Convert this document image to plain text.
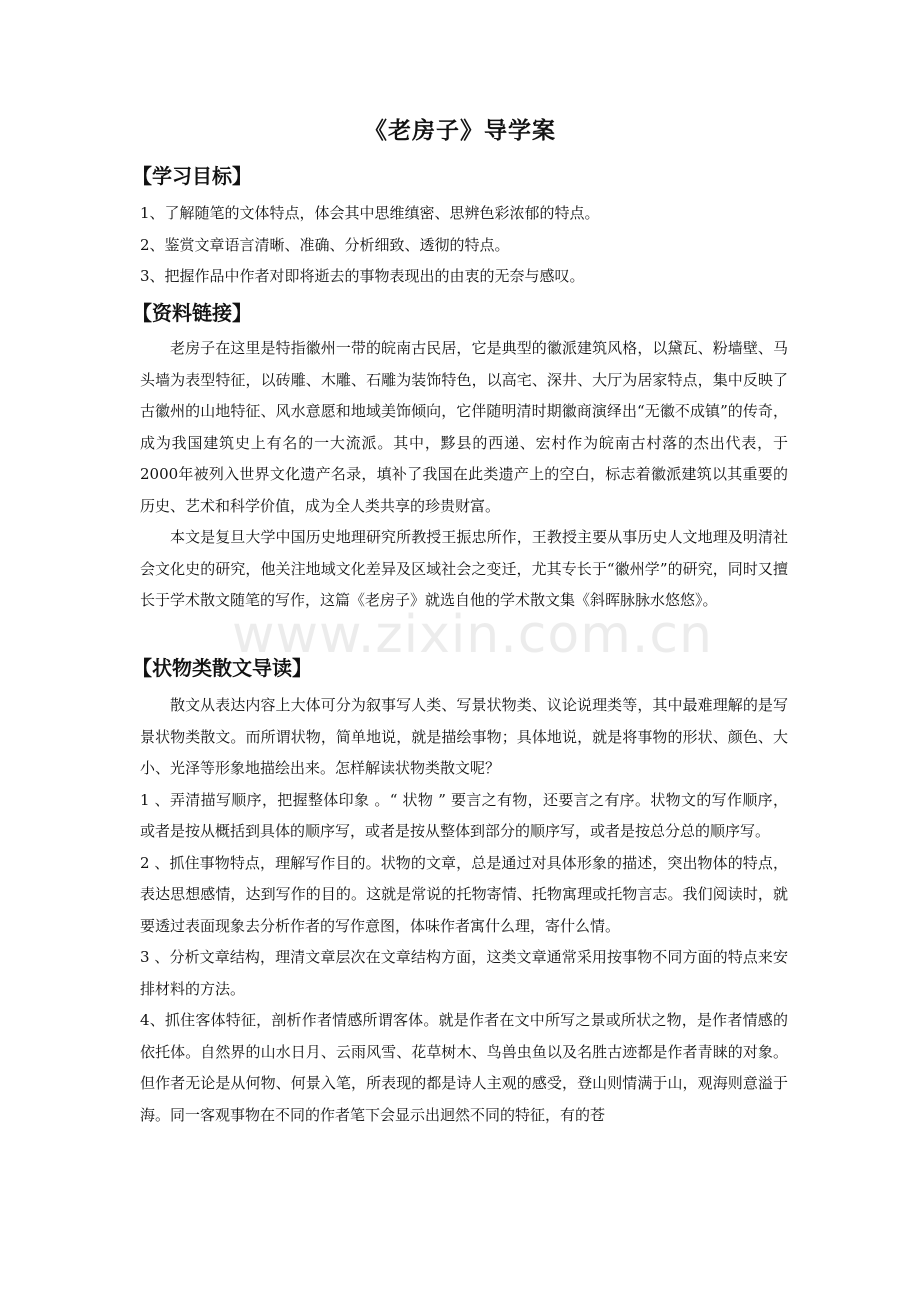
《老房子》导学案
【学习目标】

1、了解随笔的文体特点，体会其中思维缜密、思辨色彩浓郁的特点。

2、鉴赏文章语言清晰、准确、分析细致、透彻的特点。

3、把握作品中作者对即将逝去的事物表现出的由衷的无奈与感叹。

【资料链接】

老房子在这里是特指徽州一带的皖南古民居，它是典型的徽派建筑风格，以黛瓦、粉墙壁、马头墙为表型特征，以砖雕、木雕、石雕为装饰特色，以高宅、深井、大厅为居家特点，集中反映了古徽州的山地特征、风水意愿和地域美饰倾向，它伴随明清时期徽商演绎出“无徽不成镇”的传奇，成为我国建筑史上有名的一大流派。其中，黟县的西递、宏村作为皖南古村落的杰出代表，于2000年被列入世界文化遗产名录，填补了我国在此类遗产上的空白，标志着徽派建筑以其重要的历史、艺术和科学价值，成为全人类共享的珍贵财富。

本文是复旦大学中国历史地理研究所教授王振忠所作，王教授主要从事历史人文地理及明清社会文化史的研究，他关注地域文化差异及区域社会之变迁，尤其专长于“徽州学”的研究，同时又擅长于学术散文随笔的写作，这篇《老房子》就选自他的学术散文集《斜晖脉脉水悠悠》。

【状物类散文导读】

散文从表达内容上大体可分为叙事写人类、写景状物类、议论说理类等，其中最难理解的是写景状物类散文。而所谓状物，简单地说，就是描绘事物；具体地说，就是将事物的形状、颜色、大小、光泽等形象地描绘出来。怎样解读状物类散文呢？

1 、弄清描写顺序，把握整体印象 。“ 状物 ” 要言之有物，还要言之有序。状物文的写作顺序，或者是按从概括到具体的顺序写，或者是按从整体到部分的顺序写，或者是按总分总的顺序写。

2 、抓住事物特点，理解写作目的。状物的文章，总是通过对具体形象的描述，突出物体的特点，表达思想感情，达到写作的目的。这就是常说的托物寄情、托物寓理或托物言志。我们阅读时，就要透过表面现象去分析作者的写作意图，体味作者寓什么理，寄什么情。

3 、分析文章结构，理清文章层次在文章结构方面，这类文章通常采用按事物不同方面的特点来安排材料的方法。

4、抓住客体特征，剖析作者情感所谓客体。就是作者在文中所写之景或所状之物，是作者情感的依托体。自然界的山水日月、云雨风雪、花草树木、鸟兽虫鱼以及名胜古迹都是作者青睐的对象。但作者无论是从何物、何景入笔，所表现的都是诗人主观的感受，登山则情满于山，观海则意溢于海。同一客观事物在不同的作者笔下会显示出迥然不同的特征，有的苍

www.zixin.com.cn
